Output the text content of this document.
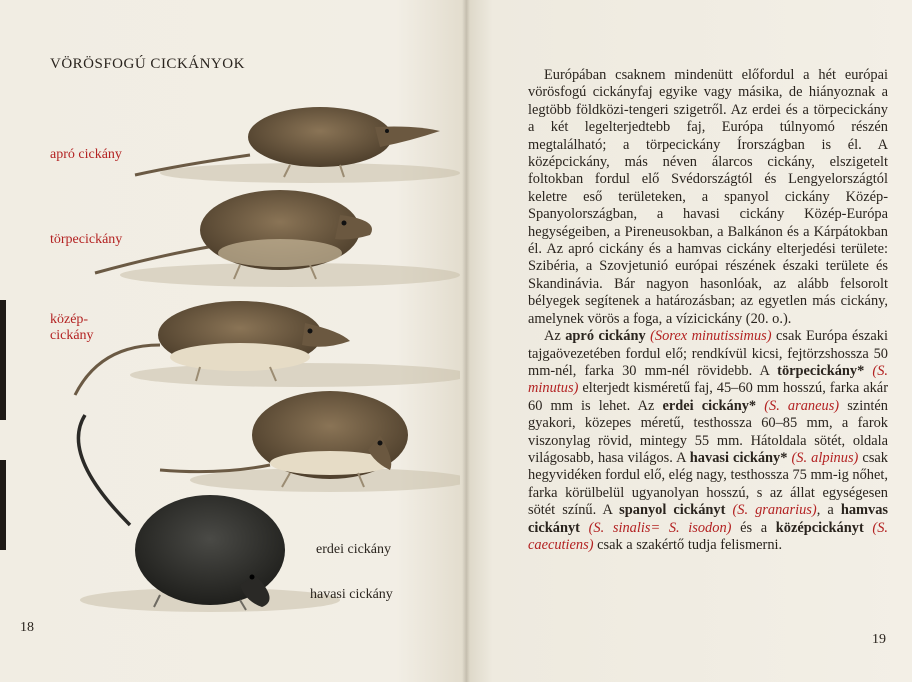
VÖRÖSFOGÚ CICKÁNYOK

apró cickány

törpecickány

közép-
cickány

erdei cickány

havasi cickány

18

Európában csaknem mindenütt előfordul a hét európai vörösfogú cickányfaj egyike vagy másika, de hiányoznak a legtöbb földközi-tengeri szigetről. Az erdei és a törpecickány a két legelterjedtebb faj, Európa túlnyomó részén megtalálható; a törpecickány Írországban is él. A középcickány, más néven álarcos cickány, elszigetelt foltokban fordul elő Svédországtól és Lengyelországtól keletre eső területeken, a spanyol cickány Közép-Spanyolországban, a havasi cickány Közép-Európa hegységeiben, a Pireneusokban, a Balkánon és a Kárpátokban él. Az apró cickány és a hamvas cickány elterjedési területe: Szibéria, a Szovjetunió európai részének északi területe és Skandinávia. Bár nagyon hasonlóak, az alább felsorolt bélyegek segítenek a határozásban; az egyetlen más cickány, amelynek vörös a foga, a vízicickány (20. o.).

Az apró cickány (Sorex minutissimus) csak Európa északi tajgaövezetében fordul elő; rendkívül kicsi, fejtörzshossza 50 mm-nél, farka 30 mm-nél rövidebb. A törpecickány* (S. minutus) elterjedt kisméretű faj, 45–60 mm hosszú, farka akár 60 mm is lehet. Az erdei cickány* (S. araneus) szintén gyakori, közepes méretű, testhossza 60–85 mm, a farok viszonylag rövid, mintegy 55 mm. Hátoldala sötét, oldala világosabb, hasa világos. A havasi cickány* (S. alpinus) csak hegyvidéken fordul elő, elég nagy, testhossza 75 mm-ig nőhet, farka körülbelül ugyanolyan hosszú, s az állat egységesen sötét színű. A spanyol cickányt (S. granarius), a hamvas cickányt (S. sinalis= S. isodon) és a középcickányt (S. caecutiens) csak a szakértő tudja felismerni.

19
